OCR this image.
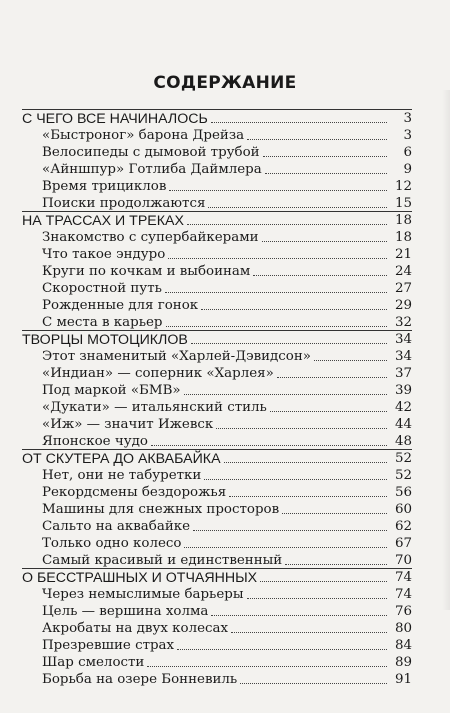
СОДЕРЖАНИЕ
С ЧЕГО ВСЕ НАЧИНАЛОСЬ	3
«Быстроног» барона Дрейза	3
Велосипеды с дымовой трубой	6
«Айншпур» Готлиба Даймлера	9
Время трициклов	12
Поиски продолжаются	15
НА ТРАССАХ И ТРЕКАХ	18
Знакомство с супербайкерами	18
Что такое эндуро	21
Круги по кочкам и выбоинам	24
Скоростной путь	27
Рожденные для гонок	29
С места в карьер	32
ТВОРЦЫ МОТОЦИКЛОВ	34
Этот знаменитый «Харлей-Дэвидсон»	34
«Индиан» — соперник «Харлея»	37
Под маркой «БМВ»	39
«Дукати» — итальянский стиль	42
«Иж» — значит Ижевск	44
Японское чудо	48
ОТ СКУТЕРА ДО АКВАБАЙКА	52
Нет, они не табуретки	52
Рекордсмены бездорожья	56
Машины для снежных просторов	60
Сальто на аквабайке	62
Только одно колесо	67
Самый красивый и единственный	70
О БЕССТРАШНЫХ И ОТЧАЯННЫХ	74
Через немыслимые барьеры	74
Цель — вершина холма	76
Акробаты на двух колесах	80
Презревшие страх	84
Шар смелости	89
Борьба на озере Бонневиль	91
